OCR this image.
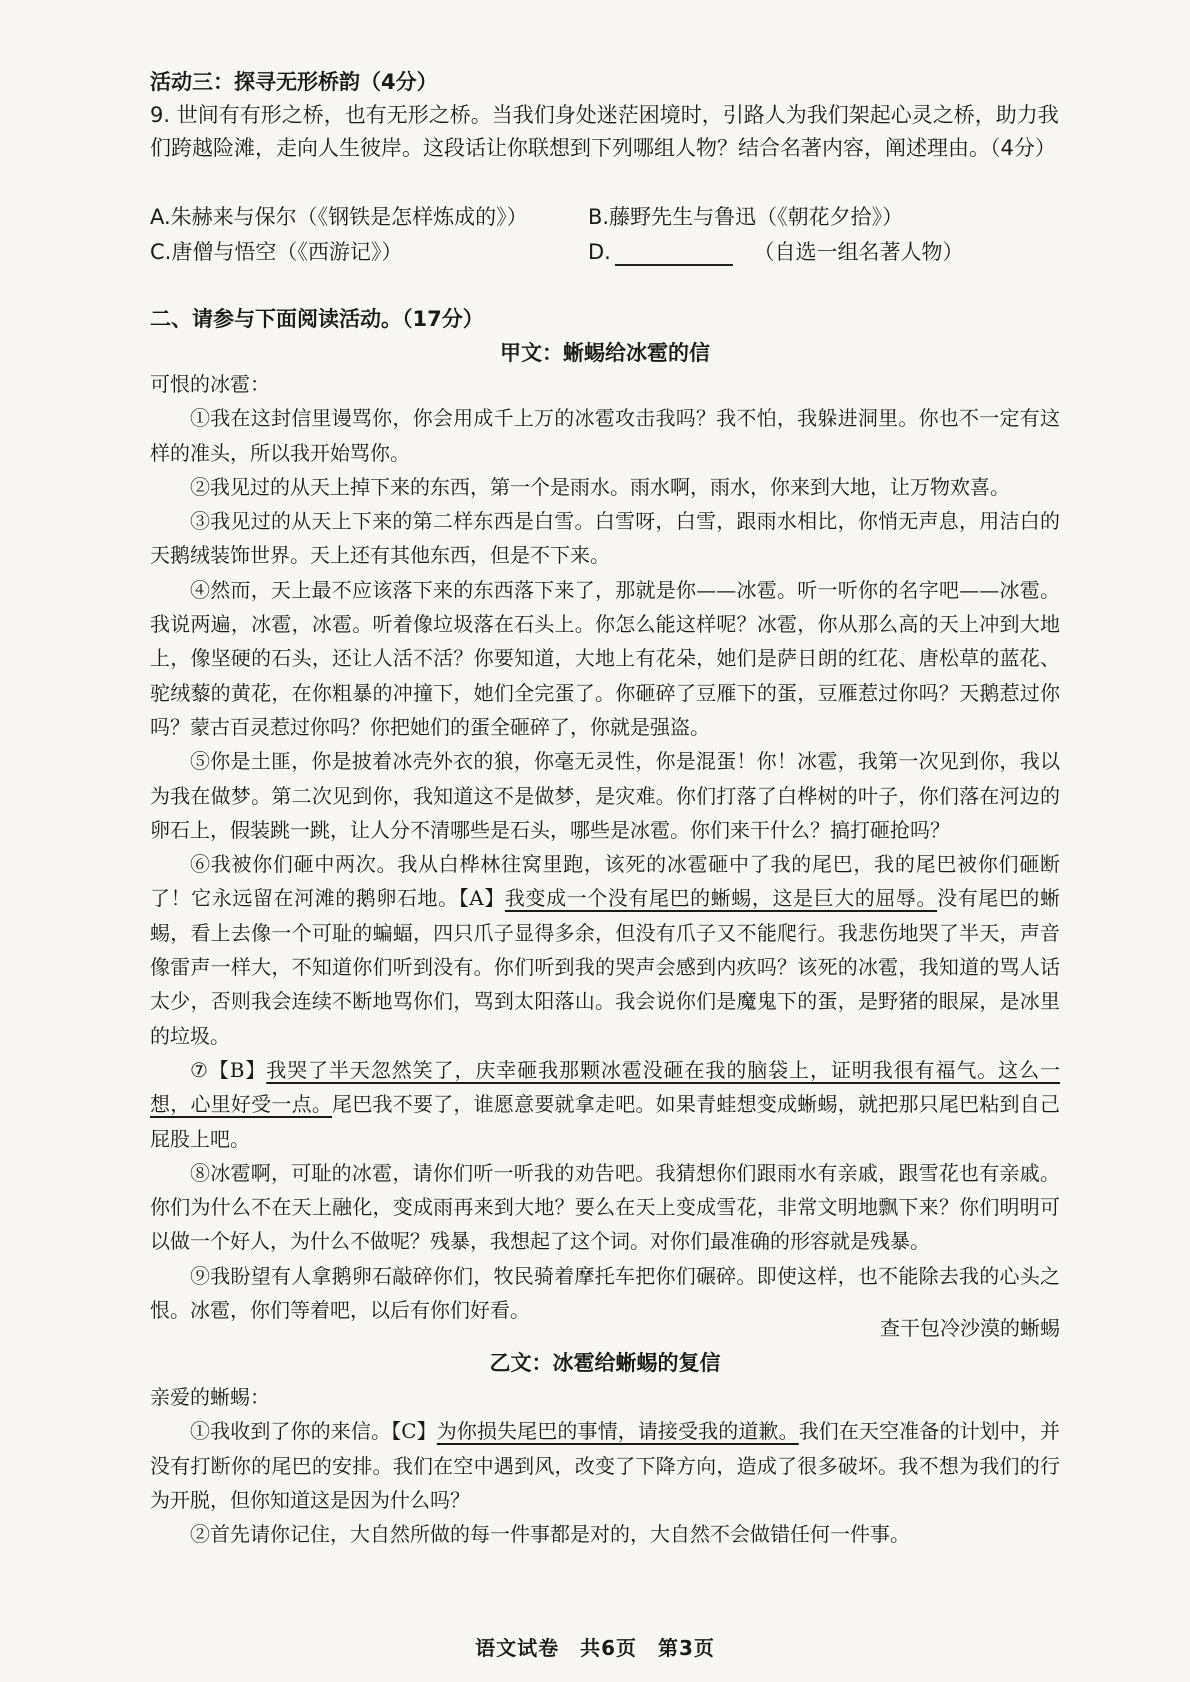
活动三：探寻无形桥韵（4分）

9. 世间有有形之桥，也有无形之桥。当我们身处迷茫困境时，引路人为我们架起心灵之桥，助力我们跨越险滩，走向人生彼岸。这段话让你联想到下列哪组人物？结合名著内容，阐述理由。（4分）

A.朱赫来与保尔（《钢铁是怎样炼成的》）	B.藤野先生与鲁迅（《朝花夕拾》）
C.唐僧与悟空（《西游记》）	D.	（自选一组名著人物）

二、请参与下面阅读活动。（17分）

甲文：蜥蜴给冰雹的信

可恨的冰雹：

①我在这封信里谩骂你，你会用成千上万的冰雹攻击我吗？我不怕，我躲进洞里。你也不一定有这样的准头，所以我开始骂你。

②我见过的从天上掉下来的东西，第一个是雨水。雨水啊，雨水，你来到大地，让万物欢喜。

③我见过的从天上下来的第二样东西是白雪。白雪呀，白雪，跟雨水相比，你悄无声息，用洁白的天鹅绒装饰世界。天上还有其他东西，但是不下来。

④然而，天上最不应该落下来的东西落下来了，那就是你——冰雹。听一听你的名字吧——冰雹。我说两遍，冰雹，冰雹。听着像垃圾落在石头上。你怎么能这样呢？冰雹，你从那么高的天上冲到大地上，像坚硬的石头，还让人活不活？你要知道，大地上有花朵，她们是萨日朗的红花、唐松草的蓝花、驼绒藜的黄花，在你粗暴的冲撞下，她们全完蛋了。你砸碎了豆雁下的蛋，豆雁惹过你吗？天鹅惹过你吗？蒙古百灵惹过你吗？你把她们的蛋全砸碎了，你就是强盗。

⑤你是土匪，你是披着冰壳外衣的狼，你毫无灵性，你是混蛋！你！冰雹，我第一次见到你，我以为我在做梦。第二次见到你，我知道这不是做梦，是灾难。你们打落了白桦树的叶子，你们落在河边的卵石上，假装跳一跳，让人分不清哪些是石头，哪些是冰雹。你们来干什么？搞打砸抢吗？

⑥我被你们砸中两次。我从白桦林往窝里跑，该死的冰雹砸中了我的尾巴，我的尾巴被你们砸断了！它永远留在河滩的鹅卵石地。【A】我变成一个没有尾巴的蜥蜴，这是巨大的屈辱。没有尾巴的蜥蜴，看上去像一个可耻的蝙蝠，四只爪子显得多余，但没有爪子又不能爬行。我悲伤地哭了半天，声音像雷声一样大，不知道你们听到没有。你们听到我的哭声会感到内疚吗？该死的冰雹，我知道的骂人话太少，否则我会连续不断地骂你们，骂到太阳落山。我会说你们是魔鬼下的蛋，是野猪的眼屎，是冰里的垃圾。

⑦【B】我哭了半天忽然笑了，庆幸砸我那颗冰雹没砸在我的脑袋上，证明我很有福气。这么一想，心里好受一点。尾巴我不要了，谁愿意要就拿走吧。如果青蛙想变成蜥蜴，就把那只尾巴粘到自己屁股上吧。

⑧冰雹啊，可耻的冰雹，请你们听一听我的劝告吧。我猜想你们跟雨水有亲戚，跟雪花也有亲戚。你们为什么不在天上融化，变成雨再来到大地？要么在天上变成雪花，非常文明地飘下来？你们明明可以做一个好人，为什么不做呢？残暴，我想起了这个词。对你们最准确的形容就是残暴。

⑨我盼望有人拿鹅卵石敲碎你们，牧民骑着摩托车把你们碾碎。即使这样，也不能除去我的心头之恨。冰雹，你们等着吧，以后有你们好看。

查干包冷沙漠的蜥蜴
乙文：冰雹给蜥蜴的复信

亲爱的蜥蜴：

①我收到了你的来信。【C】为你损失尾巴的事情，请接受我的道歉。我们在天空准备的计划中，并没有打断你的尾巴的安排。我们在空中遇到风，改变了下降方向，造成了很多破坏。我不想为我们的行为开脱，但你知道这是因为什么吗？

②首先请你记住，大自然所做的每一件事都是对的，大自然不会做错任何一件事。

语文试卷　共6页　第3页
